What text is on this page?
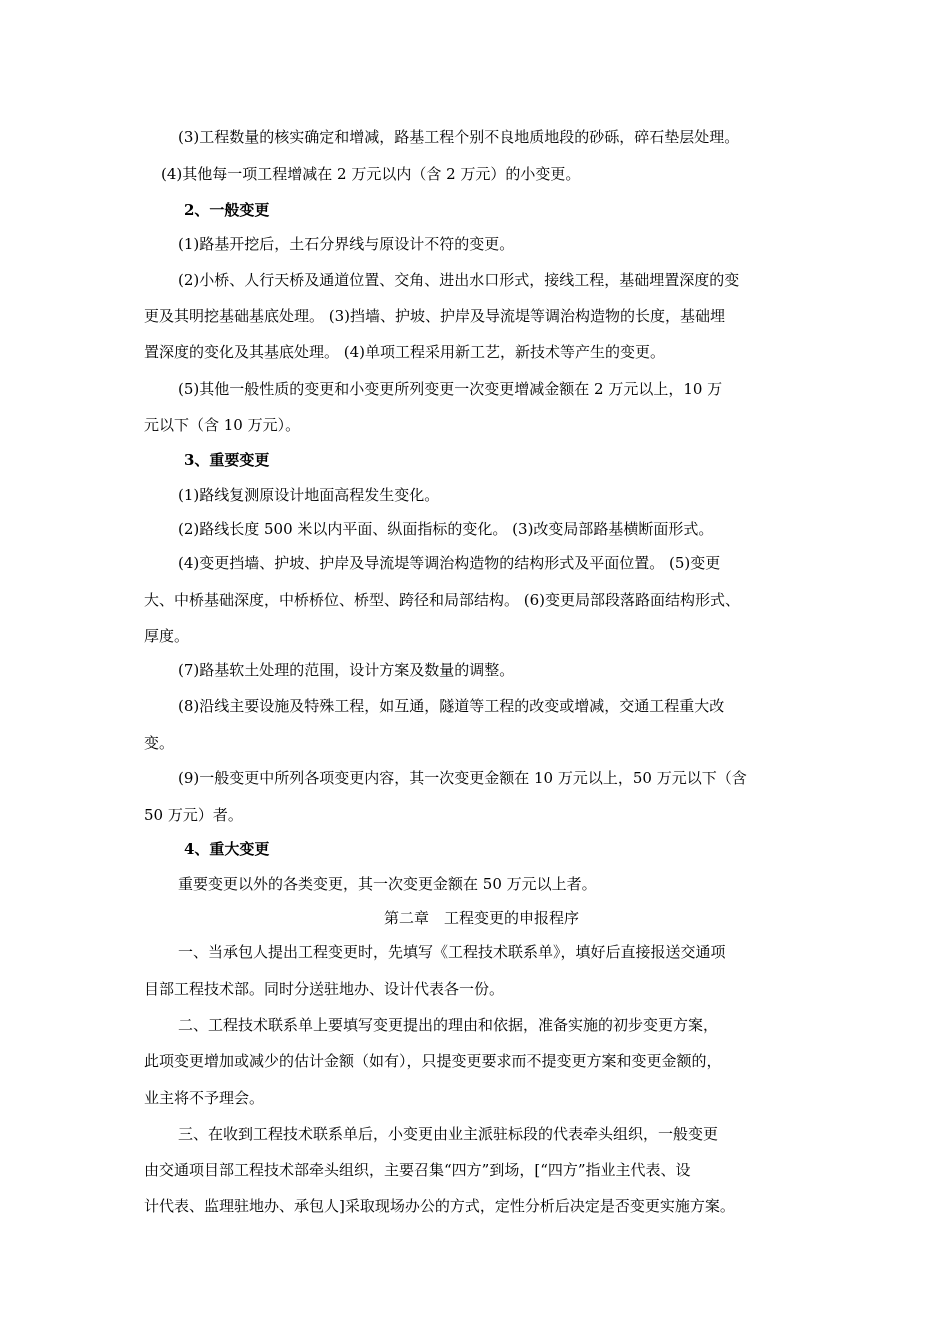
(3)工程数量的核实确定和增减，路基工程个别不良地质地段的砂砾，碎石垫层处理。
(4)其他每一项工程增减在 2 万元以内（含 2 万元）的小变更。
2、一般变更
(1)路基开挖后，土石分界线与原设计不符的变更。
(2)小桥、人行天桥及通道位置、交角、进出水口形式，接线工程，基础埋置深度的变
更及其明挖基础基底处理。 (3)挡墙、护坡、护岸及导流堤等调治构造物的长度，基础埋
置深度的变化及其基底处理。 (4)单项工程采用新工艺，新技术等产生的变更。
(5)其他一般性质的变更和小变更所列变更一次变更增减金额在 2 万元以上，10 万
元以下（含 10 万元）。
3、重要变更
(1)路线复测原设计地面高程发生变化。
(2)路线长度 500 米以内平面、纵面指标的变化。 (3)改变局部路基横断面形式。
(4)变更挡墙、护坡、护岸及导流堤等调治构造物的结构形式及平面位置。 (5)变更
大、中桥基础深度，中桥桥位、桥型、跨径和局部结构。 (6)变更局部段落路面结构形式、
厚度。
(7)路基软土处理的范围，设计方案及数量的调整。
(8)沿线主要设施及特殊工程，如互通，隧道等工程的改变或增减，交通工程重大改
变。
(9)一般变更中所列各项变更内容，其一次变更金额在 10 万元以上，50 万元以下（含
50 万元）者。
4、重大变更
重要变更以外的各类变更，其一次变更金额在 50 万元以上者。
第二章　工程变更的申报程序
一、当承包人提出工程变更时，先填写《工程技术联系单》，填好后直接报送交通项
目部工程技术部。同时分送驻地办、设计代表各一份。
二、工程技术联系单上要填写变更提出的理由和依据，准备实施的初步变更方案，
此项变更增加或减少的估计金额（如有），只提变更要求而不提变更方案和变更金额的，
业主将不予理会。
三、在收到工程技术联系单后，小变更由业主派驻标段的代表牵头组织，一般变更
由交通项目部工程技术部牵头组织，主要召集“四方”到场，[“四方”指业主代表、设
计代表、监理驻地办、承包人]采取现场办公的方式，定性分析后决定是否变更实施方案。
